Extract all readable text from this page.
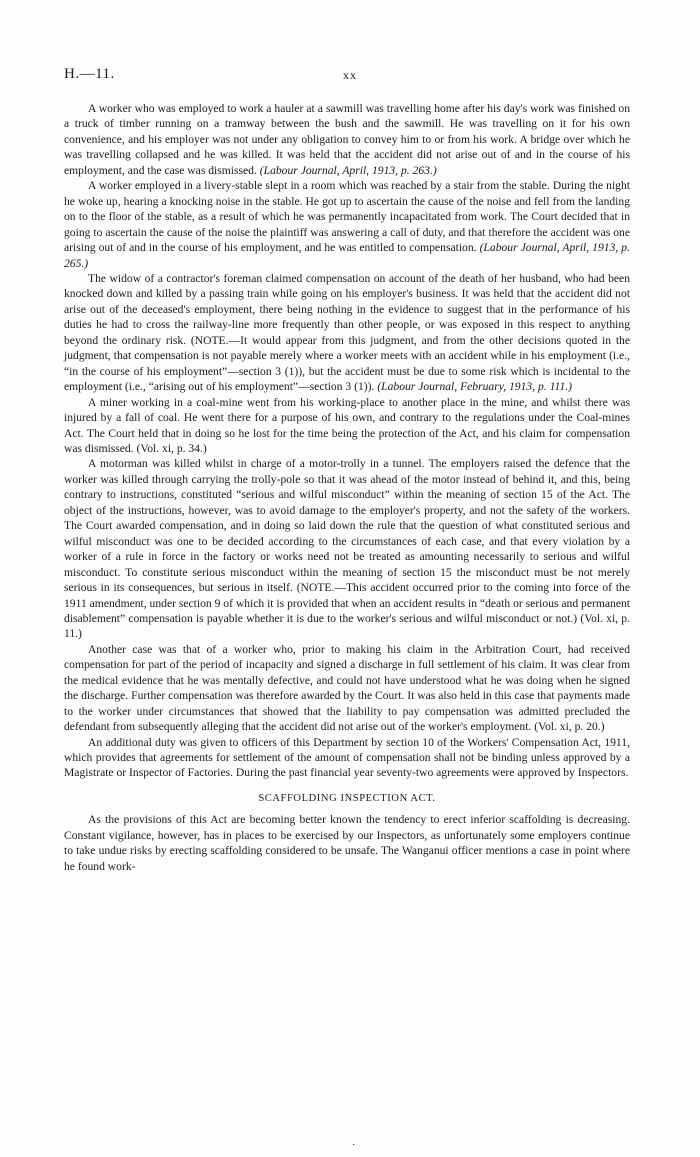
H.—11.	xx

A worker who was employed to work a hauler at a sawmill was travelling home after his day's work was finished on a truck of timber running on a tramway between the bush and the sawmill. He was travelling on it for his own convenience, and his employer was not under any obligation to convey him to or from his work. A bridge over which he was travelling collapsed and he was killed. It was held that the accident did not arise out of and in the course of his employment, and the case was dismissed. (Labour Journal, April, 1913, p. 263.)

A worker employed in a livery-stable slept in a room which was reached by a stair from the stable. During the night he woke up, hearing a knocking noise in the stable. He got up to ascertain the cause of the noise and fell from the landing on to the floor of the stable, as a result of which he was permanently incapacitated from work. The Court decided that in going to ascertain the cause of the noise the plaintiff was answering a call of duty, and that therefore the accident was one arising out of and in the course of his employment, and he was entitled to compensation. (Labour Journal, April, 1913, p. 265.)

The widow of a contractor's foreman claimed compensation on account of the death of her husband, who had been knocked down and killed by a passing train while going on his employer's business. It was held that the accident did not arise out of the deceased's employment, there being nothing in the evidence to suggest that in the performance of his duties he had to cross the railway-line more frequently than other people, or was exposed in this respect to anything beyond the ordinary risk. (NOTE.—It would appear from this judgment, and from the other decisions quoted in the judgment, that compensation is not payable merely where a worker meets with an accident while in his employment (i.e., “in the course of his employment”—section 3 (1)), but the accident must be due to some risk which is incidental to the employment (i.e., “arising out of his employment”—section 3 (1)). (Labour Journal, February, 1913, p. 111.)

A miner working in a coal-mine went from his working-place to another place in the mine, and whilst there was injured by a fall of coal. He went there for a purpose of his own, and contrary to the regulations under the Coal-mines Act. The Court held that in doing so he lost for the time being the protection of the Act, and his claim for compensation was dismissed. (Vol. xi, p. 34.)

A motorman was killed whilst in charge of a motor-trolly in a tunnel. The employers raised the defence that the worker was killed through carrying the trolly-pole so that it was ahead of the motor instead of behind it, and this, being contrary to instructions, constituted “serious and wilful misconduct” within the meaning of section 15 of the Act. The object of the instructions, however, was to avoid damage to the employer's property, and not the safety of the workers. The Court awarded compensation, and in doing so laid down the rule that the question of what constituted serious and wilful misconduct was one to be decided according to the circumstances of each case, and that every violation by a worker of a rule in force in the factory or works need not be treated as amounting necessarily to serious and wilful misconduct. To constitute serious misconduct within the meaning of section 15 the misconduct must be not merely serious in its consequences, but serious in itself. (NOTE.—This accident occurred prior to the coming into force of the 1911 amendment, under section 9 of which it is provided that when an accident results in “death or serious and permanent disablement” compensation is payable whether it is due to the worker's serious and wilful misconduct or not.) (Vol. xi, p. 11.)

Another case was that of a worker who, prior to making his claim in the Arbitration Court, had received compensation for part of the period of incapacity and signed a discharge in full settlement of his claim. It was clear from the medical evidence that he was mentally defective, and could not have understood what he was doing when he signed the discharge. Further compensation was therefore awarded by the Court. It was also held in this case that payments made to the worker under circumstances that showed that the liability to pay compensation was admitted precluded the defendant from subsequently alleging that the accident did not arise out of the worker's employment. (Vol. xi, p. 20.)

An additional duty was given to officers of this Department by section 10 of the Workers' Compensation Act, 1911, which provides that agreements for settlement of the amount of compensation shall not be binding unless approved by a Magistrate or Inspector of Factories. During the past financial year seventy-two agreements were approved by Inspectors.

SCAFFOLDING INSPECTION ACT.

As the provisions of this Act are becoming better known the tendency to erect inferior scaffolding is decreasing. Constant vigilance, however, has in places to be exercised by our Inspectors, as unfortunately some employers continue to take undue risks by erecting scaffolding considered to be unsafe. The Wanganui officer mentions a case in point where he found work-

·
